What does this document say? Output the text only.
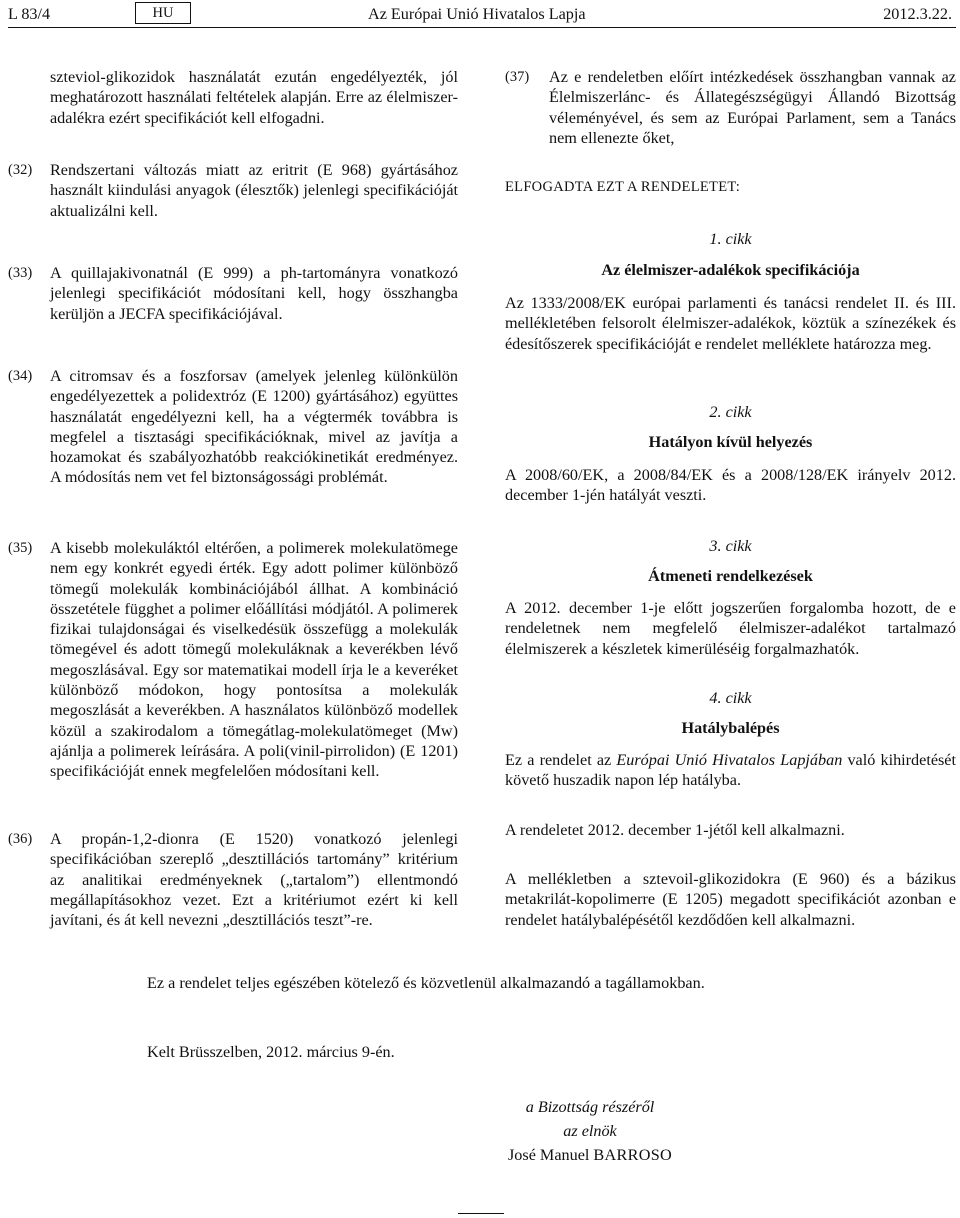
L 83/4	HU	Az Európai Unió Hivatalos Lapja	2012.3.22.
szteviol-glikozidok használatát ezután engedélyezték, jól meghatározott használati feltételek alapján. Erre az élelmiszer-adalékra ezért specifikációt kell elfogadni.
(32)	Rendszertani változás miatt az eritrit (E 968) gyártásához használt kiindulási anyagok (élesztők) jelenlegi specifikációját aktualizálni kell.
(33)	A quillajakivonatnál (E 999) a ph-tartományra vonatkozó jelenlegi specifikációt módosítani kell, hogy összhangba kerüljön a JECFA specifikációjával.
(34)	A citromsav és a foszforsav (amelyek jelenleg különkülön engedélyezettek a polidextróz (E 1200) gyártásához) együttes használatát engedélyezni kell, ha a végtermék továbbra is megfelel a tisztasági specifikációknak, mivel az javítja a hozamokat és szabályozhatóbb reakciókinetikát eredményez. A módosítás nem vet fel biztonságossági problémát.
(35)	A kisebb molekuláktól eltérően, a polimerek molekulatömege nem egy konkrét egyedi érték. Egy adott polimer különböző tömegű molekulák kombinációjából állhat. A kombináció összetétele függhet a polimer előállítási módjától. A polimerek fizikai tulajdonságai és viselkedésük összefügg a molekulák tömegével és adott tömegű molekuláknak a keverékben lévő megoszlásával. Egy sor matematikai modell írja le a keveréket különböző módokon, hogy pontosítsa a molekulák megoszlását a keverékben. A használatos különböző modellek közül a szakirodalom a tömegátlag-molekulatömeget (Mw) ajánlja a polimerek leírására. A poli(vinil-pirrolidon) (E 1201) specifikációját ennek megfelelően módosítani kell.
(36)	A propán-1,2-dionra (E 1520) vonatkozó jelenlegi specifikációban szereplő „desztillációs tartomány” kritérium az analitikai eredményeknek („tartalom”) ellentmondó megállapításokhoz vezet. Ezt a kritériumot ezért ki kell javítani, és át kell nevezni „desztillációs teszt”-re.
(37)	Az e rendeletben előírt intézkedések összhangban vannak az Élelmiszerlánc- és Állategészségügyi Állandó Bizottság véleményével, és sem az Európai Parlament, sem a Tanács nem ellenezte őket,
ELFOGADTA EZT A RENDELETET:
1. cikk
Az élelmiszer-adalékok specifikációja
Az 1333/2008/EK európai parlamenti és tanácsi rendelet II. és III. mellékletében felsorolt élelmiszer-adalékok, köztük a színezékek és édesítőszerek specifikációját e rendelet melléklete határozza meg.
2. cikk
Hatályon kívül helyezés
A 2008/60/EK, a 2008/84/EK és a 2008/128/EK irányelv 2012. december 1-jén hatályát veszti.
3. cikk
Átmeneti rendelkezések
A 2012. december 1-je előtt jogszerűen forgalomba hozott, de e rendeletnek nem megfelelő élelmiszer-adalékot tartalmazó élelmiszerek a készletek kimerüléséig forgalmazhatók.
4. cikk
Hatálybalépés
Ez a rendelet az Európai Unió Hivatalos Lapjában való kihirdetését követő huszadik napon lép hatályba.
A rendeletet 2012. december 1-jétől kell alkalmazni.
A mellékletben a sztevoil-glikozidokra (E 960) és a bázikus metakrilát-kopolimerre (E 1205) megadott specifikációt azonban e rendelet hatálybalépésétől kezdődően kell alkalmazni.
Ez a rendelet teljes egészében kötelező és közvetlenül alkalmazandó a tagállamokban.
Kelt Brüsszelben, 2012. március 9-én.
a Bizottság részéről
az elnök
José Manuel BARROSO
